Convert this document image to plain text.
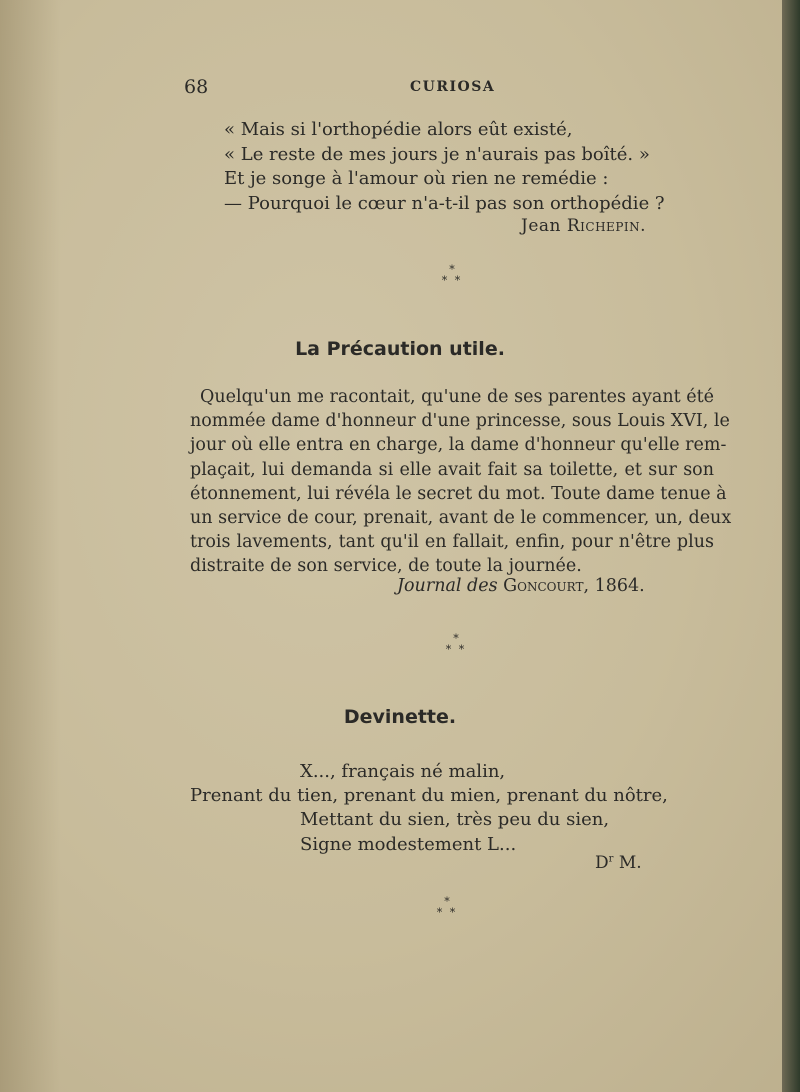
68	CURIOSA
« Mais si l'orthopédie alors eût existé,
« Le reste de mes jours je n'aurais pas boîté. »
Et je songe à l'amour où rien ne remédie :
— Pourquoi le cœur n'a-t-il pas son orthopédie ?
Jean Richepin.
*
* *
La Précaution utile.
Quelqu'un me racontait, qu'une de ses parentes ayant été
nommée dame d'honneur d'une princesse, sous Louis XVI, le
jour où elle entra en charge, la dame d'honneur qu'elle rem-
plaçait, lui demanda si elle avait fait sa toilette, et sur son
étonnement, lui révéla le secret du mot. Toute dame tenue à
un service de cour, prenait, avant de le commencer, un, deux
trois lavements, tant qu'il en fallait, enfin, pour n'être plus
distraite de son service, de toute la journée.
Journal des Goncourt, 1864.
*
* *
Devinette.
X..., français né malin,
Prenant du tien, prenant du mien, prenant du nôtre,
Mettant du sien, très peu du sien,
Signe modestement L...
$D^r$ M.
*
* *
